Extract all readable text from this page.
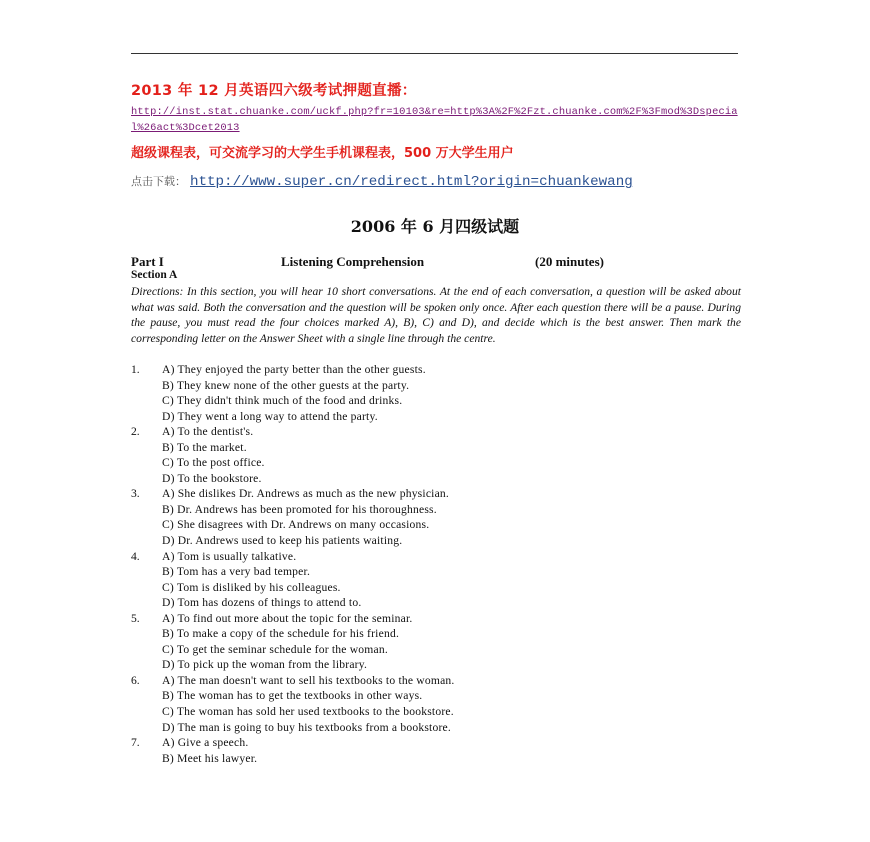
2013 年 12 月英语四六级考试押题直播：
http://inst.stat.chuanke.com/uckf.php?fr=10103&re=http%3A%2F%2Fzt.chuanke.com%2F%3Fmod%3Dspecial%26act%3Dcet2013
超级课程表，可交流学习的大学生手机课程表，500 万大学生用户
点击下载： http://www.super.cn/redirect.html?origin=chuankewang
2006 年 6 月四级试题
Part I	Listening Comprehension	(20 minutes)
Section A
Directions: In this section, you will hear 10 short conversations. At the end of each conversation, a question will be asked about what was said. Both the conversation and the question will be spoken only once. After each question there will be a pause. During the pause, you must read the four choices marked A), B), C) and D), and decide which is the best answer. Then mark the corresponding letter on the Answer Sheet with a single line through the centre.
1. A) They enjoyed the party better than the other guests.
B) They knew none of the other guests at the party.
C) They didn't think much of the food and drinks.
D) They went a long way to attend the party.
2. A) To the dentist's.
B) To the market.
C) To the post office.
D) To the bookstore.
3. A) She dislikes Dr. Andrews as much as the new physician.
B) Dr. Andrews has been promoted for his thoroughness.
C) She disagrees with Dr. Andrews on many occasions.
D) Dr. Andrews used to keep his patients waiting.
4. A) Tom is usually talkative.
B) Tom has a very bad temper.
C) Tom is disliked by his colleagues.
D) Tom has dozens of things to attend to.
5. A) To find out more about the topic for the seminar.
B) To make a copy of the schedule for his friend.
C) To get the seminar schedule for the woman.
D) To pick up the woman from the library.
6. A) The man doesn't want to sell his textbooks to the woman.
B) The woman has to get the textbooks in other ways.
C) The woman has sold her used textbooks to the bookstore.
D) The man is going to buy his textbooks from a bookstore.
7. A) Give a speech.
B) Meet his lawyer.
